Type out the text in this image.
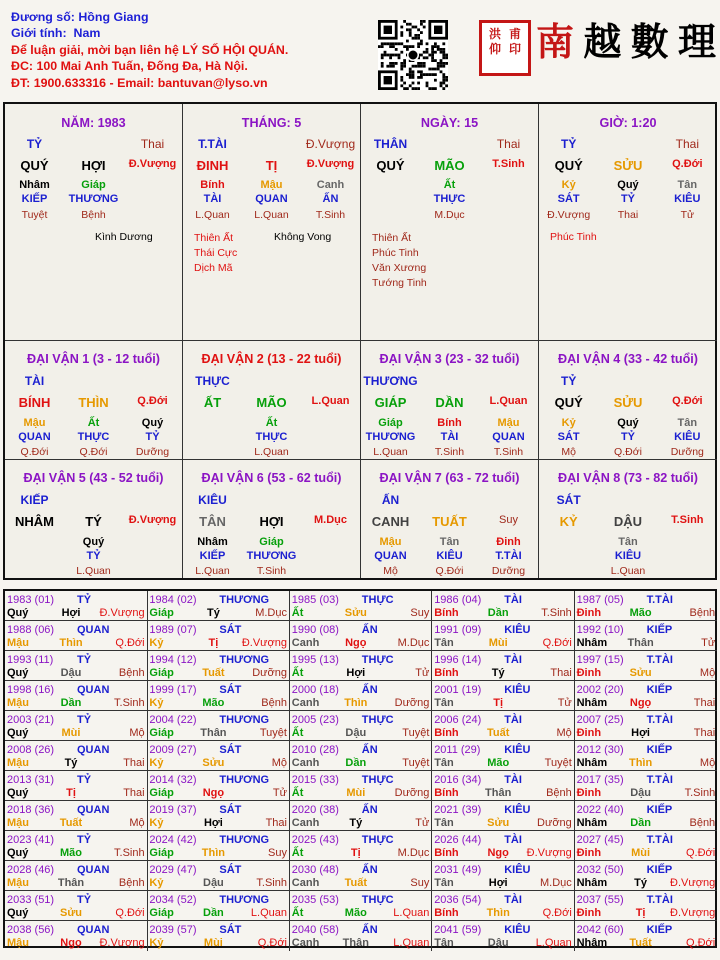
Đương số: Hồng Giang
Giới tính: Nam
Để luận giải, mời bạn liên hệ LÝ SỐ HỘI QUÁN.
ĐC: 100 Mai Anh Tuấn, Đống Đa, Hà Nội.
ĐT: 1900.633316 - Email: bantuvan@lyso.vn
洪
仰
甫
印 南 越 數 理
NĂM: 1983
TỶ	Thai
QUÝ	HỢI	Đ.Vượng
Nhâm	Giáp
KIẾP	THƯƠNG
Tuyệt	Bệnh
Kình Dương
THÁNG: 5
T.TÀI	Đ.Vượng
ĐINH	TỊ	Đ.Vượng
Bính	Mậu	Canh
TÀI	QUAN	ẤN
L.Quan	L.Quan	T.Sinh
Thiên Ất
Thái Cực
Dịch Mã
Không Vong
NGÀY: 15
THÂN	Thai
QUÝ	MÃO	T.Sinh
Ất
THỰC
M.Dục
Thiên Ất
Phúc Tinh
Văn Xương
Tướng Tinh
GIỜ: 1:20
TỶ	Thai
QUÝ	SỬU	Q.Đới
Kỷ	Quý	Tân
SÁT	TỶ	KIÊU
Đ.Vượng	Thai	Tử
Phúc Tinh
ĐẠI VẬN 1 (3 - 12 tuổi)
TÀI
BÍNH	THÌN	Q.Đới
Mậu	Ất	Quý
QUAN	THỰC	TỶ
Q.Đới	Q.Đới	Dưỡng
ĐẠI VẬN 2 (13 - 22 tuổi)
THỰC
ẤT	MÃO	L.Quan
Ất
THỰC
L.Quan
ĐẠI VẬN 3 (23 - 32 tuổi)
THƯƠNG
GIÁP	DẦN	L.Quan
Giáp	Bính	Mậu
THƯƠNG	TÀI	QUAN
L.Quan	T.Sinh	T.Sinh
ĐẠI VẬN 4 (33 - 42 tuổi)
TỶ
QUÝ	SỬU	Q.Đới
Kỷ	Quý	Tân
SÁT	TỶ	KIÊU
Mộ	Q.Đới	Dưỡng
ĐẠI VẬN 5 (43 - 52 tuổi)
KIẾP
NHÂM	TÝ	Đ.Vượng
Quý
TỶ
L.Quan
ĐẠI VẬN 6 (53 - 62 tuổi)
KIÊU
TÂN	HỢI	M.Dục
Nhâm	Giáp
KIẾP	THƯƠNG
L.Quan	T.Sinh
ĐẠI VẬN 7 (63 - 72 tuổi)
ẤN
CANH	TUẤT	Suy
Mậu	Tân	Đinh
QUAN	KIÊU	T.TÀI
Mộ	Q.Đới	Dưỡng
ĐẠI VẬN 8 (73 - 82 tuổi)
SÁT
KỶ	DẬU	T.Sinh
Tân
KIÊU
L.Quan
1983 (01)	TỶ
Quý	Hợi	Đ.Vượng
1984 (02)	THƯƠNG
Giáp	Tý	M.Dục
1985 (03)	THỰC
Ất	Sửu	Suy
1986 (04)	TÀI
Bính	Dần	T.Sinh
1987 (05)	T.TÀI
Đinh	Mão	Bệnh
1988 (06)	QUAN
Mậu	Thìn	Q.Đới
1989 (07)	SÁT
Kỷ	Tị	Đ.Vượng
1990 (08)	ẤN
Canh	Ngọ	M.Dục
1991 (09)	KIÊU
Tân	Mùi	Q.Đới
1992 (10)	KIẾP
Nhâm	Thân	Tử
1993 (11)	TỶ
Quý	Dậu	Bệnh
1994 (12)	THƯƠNG
Giáp	Tuất	Dưỡng
1995 (13)	THỰC
Ất	Hợi	Tử
1996 (14)	TÀI
Bính	Tý	Thai
1997 (15)	T.TÀI
Đinh	Sửu	Mộ
1998 (16)	QUAN
Mậu	Dần	T.Sinh
1999 (17)	SÁT
Kỷ	Mão	Bệnh
2000 (18)	ẤN
Canh	Thìn	Dưỡng
2001 (19)	KIÊU
Tân	Tị	Tử
2002 (20)	KIẾP
Nhâm	Ngọ	Thai
2003 (21)	TỶ
Quý	Mùi	Mộ
2004 (22)	THƯƠNG
Giáp	Thân	Tuyệt
2005 (23)	THỰC
Ất	Dậu	Tuyệt
2006 (24)	TÀI
Bính	Tuất	Mộ
2007 (25)	T.TÀI
Đinh	Hợi	Thai
2008 (26)	QUAN
Mậu	Tý	Thai
2009 (27)	SÁT
Kỷ	Sửu	Mộ
2010 (28)	ẤN
Canh	Dần	Tuyệt
2011 (29)	KIÊU
Tân	Mão	Tuyệt
2012 (30)	KIẾP
Nhâm	Thìn	Mộ
2013 (31)	TỶ
Quý	Tị	Thai
2014 (32)	THƯƠNG
Giáp	Ngọ	Tử
2015 (33)	THỰC
Ất	Mùi	Dưỡng
2016 (34)	TÀI
Bính	Thân	Bệnh
2017 (35)	T.TÀI
Đinh	Dậu	T.Sinh
2018 (36)	QUAN
Mậu	Tuất	Mộ
2019 (37)	SÁT
Kỷ	Hợi	Thai
2020 (38)	ẤN
Canh	Tý	Tử
2021 (39)	KIÊU
Tân	Sửu	Dưỡng
2022 (40)	KIẾP
Nhâm	Dần	Bệnh
2023 (41)	TỶ
Quý	Mão	T.Sinh
2024 (42)	THƯƠNG
Giáp	Thìn	Suy
2025 (43)	THỰC
Ất	Tị	M.Dục
2026 (44)	TÀI
Bính	Ngọ	Đ.Vượng
2027 (45)	T.TÀI
Đinh	Mùi	Q.Đới
2028 (46)	QUAN
Mậu	Thân	Bệnh
2029 (47)	SÁT
Kỷ	Dậu	T.Sinh
2030 (48)	ẤN
Canh	Tuất	Suy
2031 (49)	KIÊU
Tân	Hợi	M.Dục
2032 (50)	KIẾP
Nhâm	Tý	Đ.Vượng
2033 (51)	TỶ
Quý	Sửu	Q.Đới
2034 (52)	THƯƠNG
Giáp	Dần	L.Quan
2035 (53)	THỰC
Ất	Mão	L.Quan
2036 (54)	TÀI
Bính	Thìn	Q.Đới
2037 (55)	T.TÀI
Đinh	Tị	Đ.Vượng
2038 (56)	QUAN
Mậu	Ngọ	Đ.Vượng
2039 (57)	SÁT
Kỷ	Mùi	Q.Đới
2040 (58)	ẤN
Canh	Thân	L.Quan
2041 (59)	KIÊU
Tân	Dậu	L.Quan
2042 (60)	KIẾP
Nhâm	Tuất	Q.Đới
